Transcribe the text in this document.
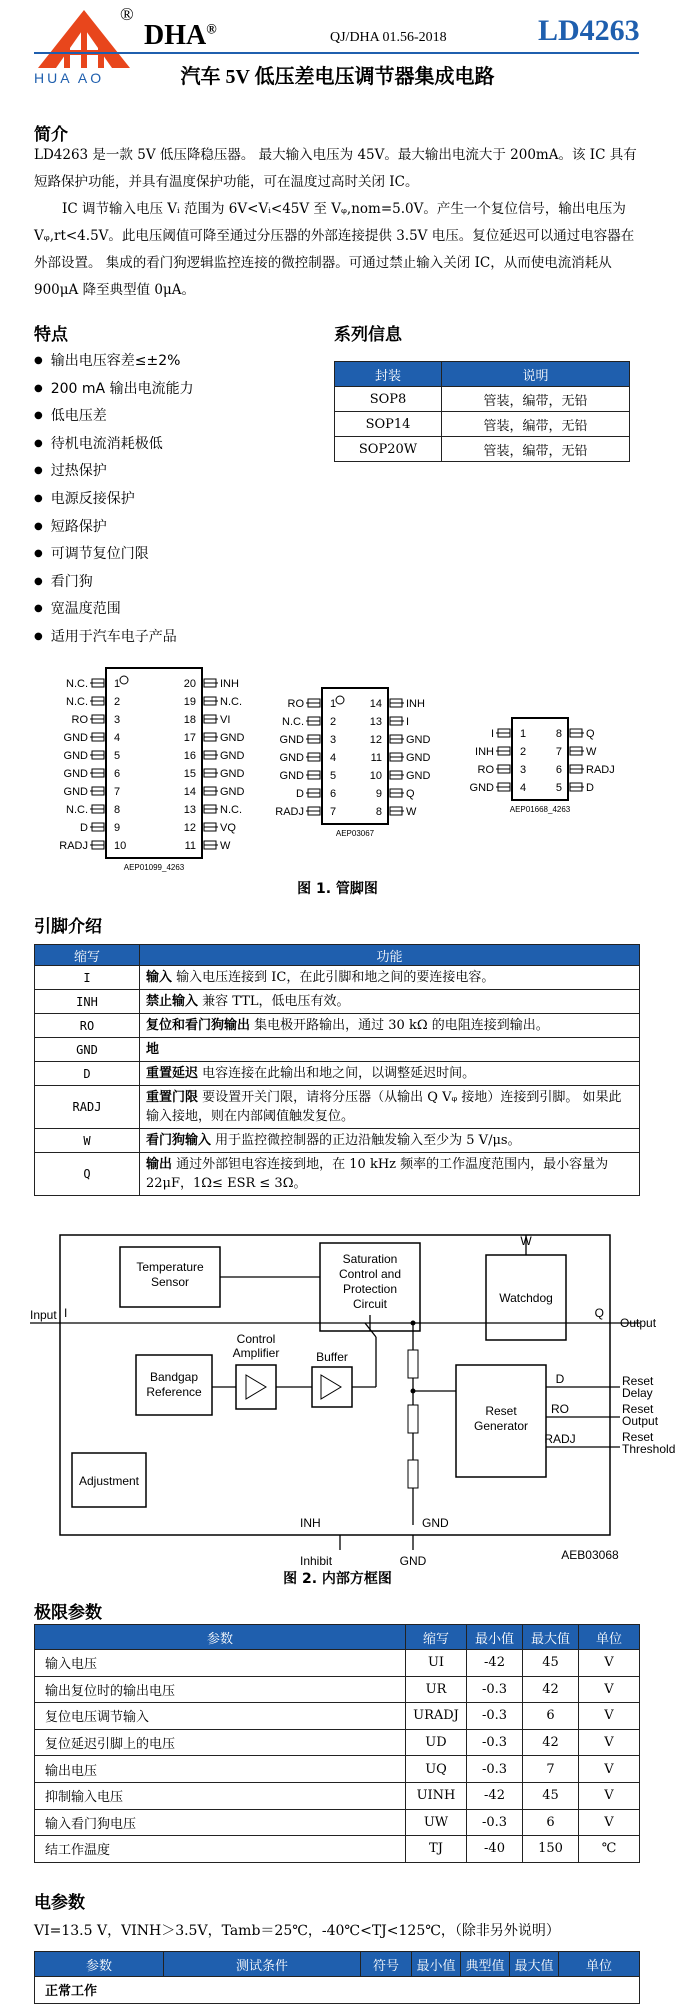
®
DHA®	QJ/DHA 01.56-2018	LD4263
HUA AO	汽车 5V 低压差电压调节器集成电路
简介

LD4263 是一款 5V 低压降稳压器。 最大输入电压为 45V。最大输出电流大于 200mA。该 IC 具有短路保护功能，并具有温度保护功能，可在温度过高时关闭 IC。

IC 调节输入电压 Vᵢ 范围为 6V<Vᵢ<45V 至 Vᵩ,nom=5.0V。产生一个复位信号，输出电压为 Vᵩ,rt<4.5V。此电压阈值可降至通过分压器的外部连接提供 3.5V 电压。复位延迟可以通过电容器在外部设置。 集成的看门狗逻辑监控连接的微控制器。可通过禁止输入关闭 IC，从而使电流消耗从 900μA 降至典型值 0μA。

特点
● 输出电压容差≤±2%
● 200 mA 输出电流能力
● 低电压差
● 待机电流消耗极低
● 过热保护
● 电源反接保护
● 短路保护
● 可调节复位门限
● 看门狗
● 宽温度范围
● 适用于汽车电子产品
系列信息
封装	说明
SOP8	管装，编带，无铅
SOP14	管装，编带，无铅
SOP20W	管装，编带，无铅
N.C. 1	INH
20
N.C. 2	N.C.
19
RO 3	VI
18
GND 4	GND
17
GND 5	GND
16
GND 6	GND
15
GND 7	GND
14
N.C. 8	N.C.
13
D 9	VQ
12
RADJ 10	W
11
AEP01099_4263
RO 1	INH
14
N.C. 2	I
13
GND 3	GND
12
GND 4	GND
11
GND 5	GND
10
D 6	Q
9
RADJ 7	W
8
AEP03067
I 1	Q
8
INH 2	W
7
RO 3	RADJ
6
GND 4	D
5
AEP01668_4263
图 1. 管脚图
引脚介绍
缩写	功能
I	输入 输入电压连接到 IC，在此引脚和地之间的要连接电容。
INH	禁止输入 兼容 TTL，低电压有效。
RO	复位和看门狗输出 集电极开路输出，通过 30 kΩ 的电阻连接到输出。
GND	地
D	重置延迟 电容连接在此输出和地之间，以调整延迟时间。
RADJ	重置门限 要设置开关门限，请将分压器（从输出 Q Vᵩ 接地）连接到引脚。 如果此输入接地，则在内部阈值触发复位。
W	看门狗输入 用于监控微控制器的正边沿触发输入至少为 5 V/μs。
Q	输出 通过外部钽电容连接到地，在 10 kHz 频率的工作温度范围内，最小容量为 22μF，1Ω≤ ESR ≤ 3Ω。
Temperature
Sensor
Saturation
Control and
Protection
Circuit	Watchdog
Bandgap
Reference
Reset
Generator
Adjustment
Control
Amplifier	Buffer
Input I	Q
Output
W
D	Reset
Delay
RO	Reset
Output
RADJ	Reset
Threshold
INH
Inhibit
GND
GND	AEB03068
图 2. 内部方框图
极限参数
参数	缩写	最小值	最大值	单位
输入电压	UI	-42	45	V
输出复位时的输出电压	UR	-0.3	42	V
复位电压调节输入	URADJ	-0.3	6	V
复位延迟引脚上的电压	UD	-0.3	42	V
输出电压	UQ	-0.3	7	V
抑制输入电压	UINH	-42	45	V
输入看门狗电压	UW	-0.3	6	V
结工作温度	TJ	-40	150	℃
电参数
VI=13.5 V，VINH＞3.5V，Tamb＝25℃，-40℃<TJ<125℃，（除非另外说明）
参数	测试条件	符号	最小值	典型值	最大值	单位
正常工作
